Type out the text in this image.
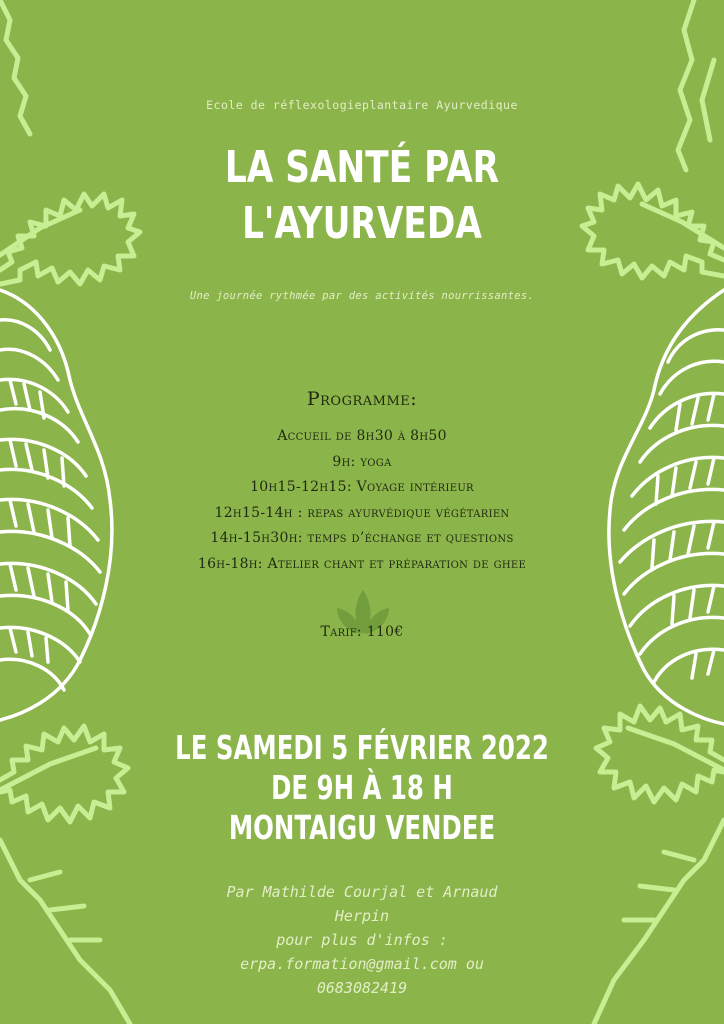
Ecole de réflexologieplantaire Ayurvedique
LA SANTÉ PAR
L'AYURVEDA
Une journée rythmée par des activités nourrissantes.
Programme:
Accueil de 8h30 à 8h50
9h: yoga
10h15-12h15: Voyage intérieur
12h15-14h : repas ayurvédique végétarien
14h-15h30h: temps d’échange et questions
16h-18h: Atelier chant et préparation de ghee
Tarif: 110€
LE SAMEDI 5 FÉVRIER 2022
DE 9H À 18 H
MONTAIGU VENDEE
Par Mathilde Courjal et Arnaud
Herpin
pour plus d'infos :
erpa.formation@gmail.com ou
0683082419
